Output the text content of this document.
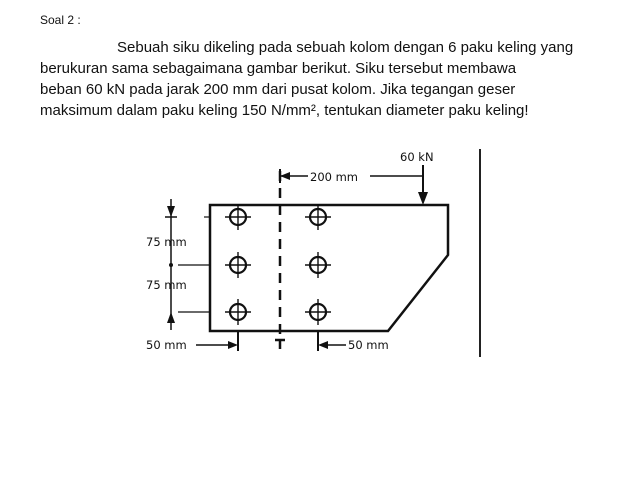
Soal 2 :
Sebuah siku dikeling pada sebuah kolom dengan 6 paku keling yang
berukuran sama sebagaimana gambar berikut. Siku tersebut membawa
beban 60 kN pada jarak 200 mm dari pusat kolom. Jika tegangan geser
maksimum dalam paku keling 150 N/mm², tentukan diameter paku keling!
75 mm
75 mm
200 mm
60 kN
50 mm	50 mm
